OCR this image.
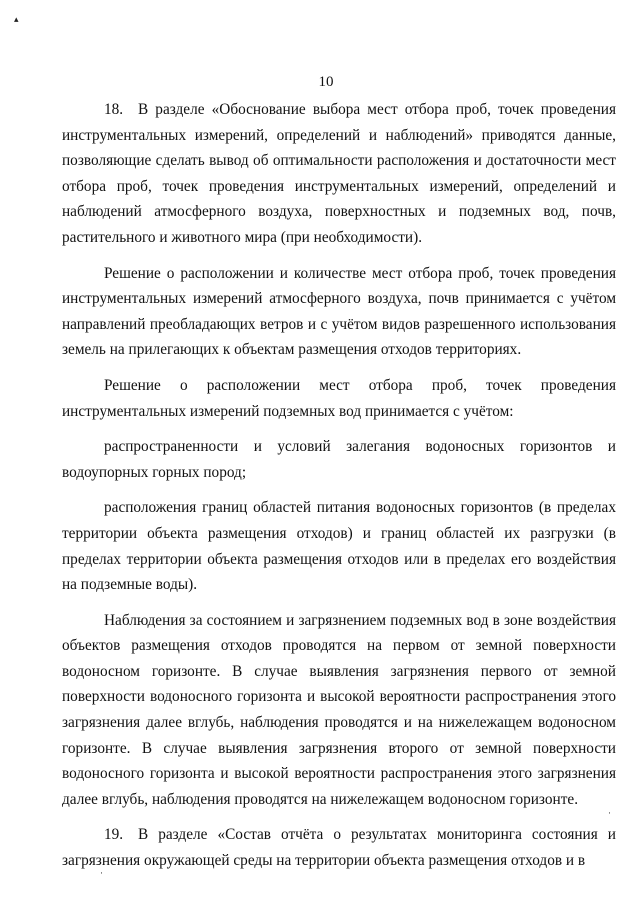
▴
10

18. В разделе «Обоснование выбора мест отбора проб, точек проведения инструментальных измерений, определений и наблюдений» приводятся данные, позволяющие сделать вывод об оптимальности расположения и достаточности мест отбора проб, точек проведения инструментальных измерений, определений и наблюдений атмосферного воздуха, поверхностных и подземных вод, почв, растительного и животного мира (при необходимости).

Решение о расположении и количестве мест отбора проб, точек проведения инструментальных измерений атмосферного воздуха, почв принимается с учётом направлений преобладающих ветров и с учётом видов разрешенного использования земель на прилегающих к объектам размещения отходов территориях.

Решение о расположении мест отбора проб, точек проведения инструментальных измерений подземных вод принимается с учётом:

распространенности и условий залегания водоносных горизонтов и водоупорных горных пород;

расположения границ областей питания водоносных горизонтов (в пределах территории объекта размещения отходов) и границ областей их разгрузки (в пределах территории объекта размещения отходов или в пределах его воздействия на подземные воды).

Наблюдения за состоянием и загрязнением подземных вод в зоне воздействия объектов размещения отходов проводятся на первом от земной поверхности водоносном горизонте. В случае выявления загрязнения первого от земной поверхности водоносного горизонта и высокой вероятности распространения этого загрязнения далее вглубь, наблюдения проводятся и на нижележащем водоносном горизонте. В случае выявления загрязнения второго от земной поверхности водоносного горизонта и высокой вероятности распространения этого загрязнения далее вглубь, наблюдения проводятся на нижележащем водоносном горизонте.

19. В разделе «Состав отчёта о результатах мониторинга состояния и загрязнения окружающей среды на территории объекта размещения отходов и в

·
·
